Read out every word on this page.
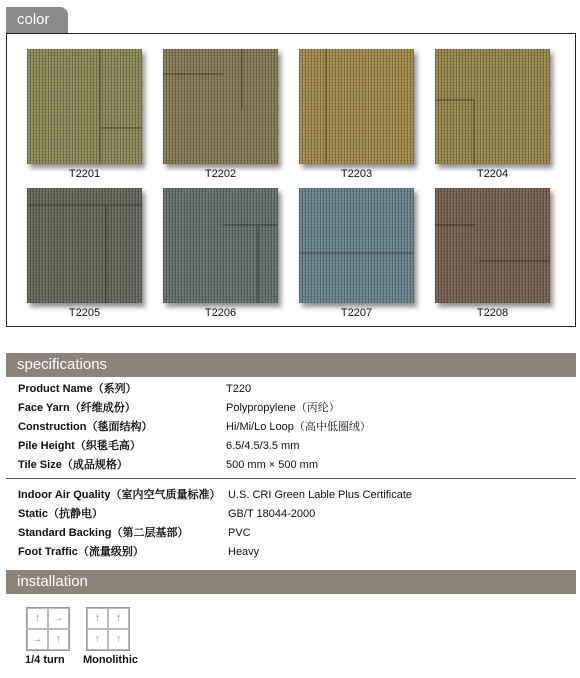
color
T2201	T2202	T2203	T2204
T2205	T2206	T2207	T2208
specifications
Product Name（系列）	T220
Face Yarn（纤维成份）	Polypropylene（丙纶）
Construction（毯面结构）	Hi/Mi/Lo Loop（高中低圈绒）
Pile Height（织毯毛高）	6.5/4.5/3.5 mm
Tile Size（成品规格）	500 mm × 500 mm
Indoor Air Quality（室内空气质量标准） U.S. CRI Green Lable Plus Certificate
Static（抗静电）	GB/T 18044-2000
Standard Backing（第二层基部）	PVC
Foot Traffic（流量级别）	Heavy
installation
↑	→
→	↑
1/4 turn
↑	↑
↑	↑
Monolithic
